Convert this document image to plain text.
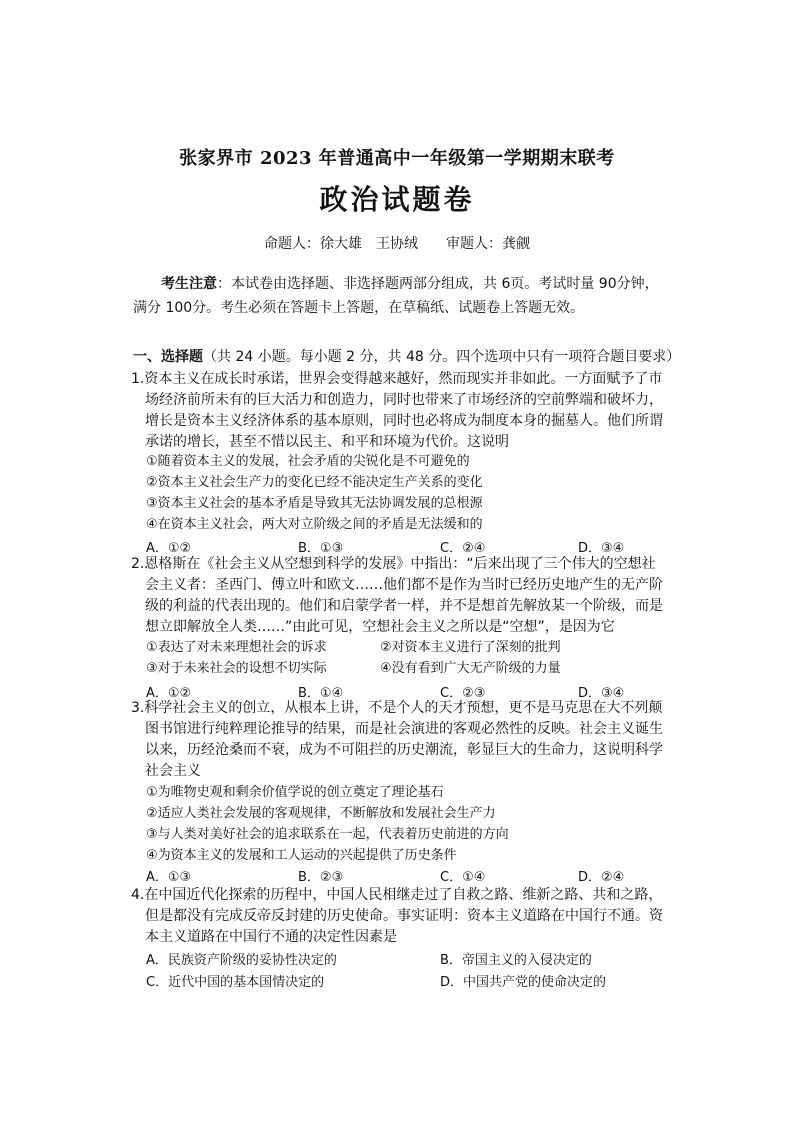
张家界市 2023 年普通高中一年级第一学期期末联考
政治试题卷
命题人：徐大雄　王协绒 审题人：龚觎
考生注意：本试卷由选择题、非选择题两部分组成，共 6页。考试时量 90分钟，
满分 100分。考生必须在答题卡上答题，在草稿纸、试题卷上答题无效。
一、选择题（共 24 小题。每小题 2 分，共 48 分。四个选项中只有一项符合题目要求）
1.资本主义在成长时承诺，世界会变得越来越好，然而现实并非如此。一方面赋予了市
场经济前所未有的巨大活力和创造力，同时也带来了市场经济的空前弊端和破坏力，
增长是资本主义经济体系的基本原则，同时也必将成为制度本身的掘墓人。他们所谓
承诺的增长，甚至不惜以民主、和平和环境为代价。这说明
①随着资本主义的发展，社会矛盾的尖锐化是不可避免的
②资本主义社会生产力的变化已经不能决定生产关系的变化
③资本主义社会的基本矛盾是导致其无法协调发展的总根源
④在资本主义社会，两大对立阶级之间的矛盾是无法缓和的
A．①②	B．①③	C．②④	D．③④
2.恩格斯在《社会主义从空想到科学的发展》中指出：“后来出现了三个伟大的空想社
会主义者：圣西门、傅立叶和欧文……他们都不是作为当时已经历史地产生的无产阶
级的利益的代表出现的。他们和启蒙学者一样，并不是想首先解放某一个阶级，而是
想立即解放全人类……”由此可见，空想社会主义之所以是“空想”，是因为它
①表达了对未来理想社会的诉求	②对资本主义进行了深刻的批判
③对于未来社会的设想不切实际	④没有看到广大无产阶级的力量
A．①②	B．①④	C．②③	D．③④
3.科学社会主义的创立，从根本上讲，不是个人的天才预想，更不是马克思在大不列颠
图书馆进行纯粹理论推导的结果，而是社会演进的客观必然性的反映。社会主义诞生
以来，历经沧桑而不衰，成为不可阻拦的历史潮流，彰显巨大的生命力，这说明科学
社会主义
①为唯物史观和剩余价值学说的创立奠定了理论基石
②适应人类社会发展的客观规律，不断解放和发展社会生产力
③与人类对美好社会的追求联系在一起，代表着历史前进的方向
④为资本主义的发展和工人运动的兴起提供了历史条件
A．①③	B．②③	C．①④	D．②④
4.在中国近代化探索的历程中，中国人民相继走过了自救之路、维新之路、共和之路，
但是都没有完成反帝反封建的历史使命。事实证明：资本主义道路在中国行不通。资
本主义道路在中国行不通的决定性因素是
A．民族资产阶级的妥协性决定的	B．帝国主义的入侵决定的
C．近代中国的基本国情决定的	D．中国共产党的使命决定的
